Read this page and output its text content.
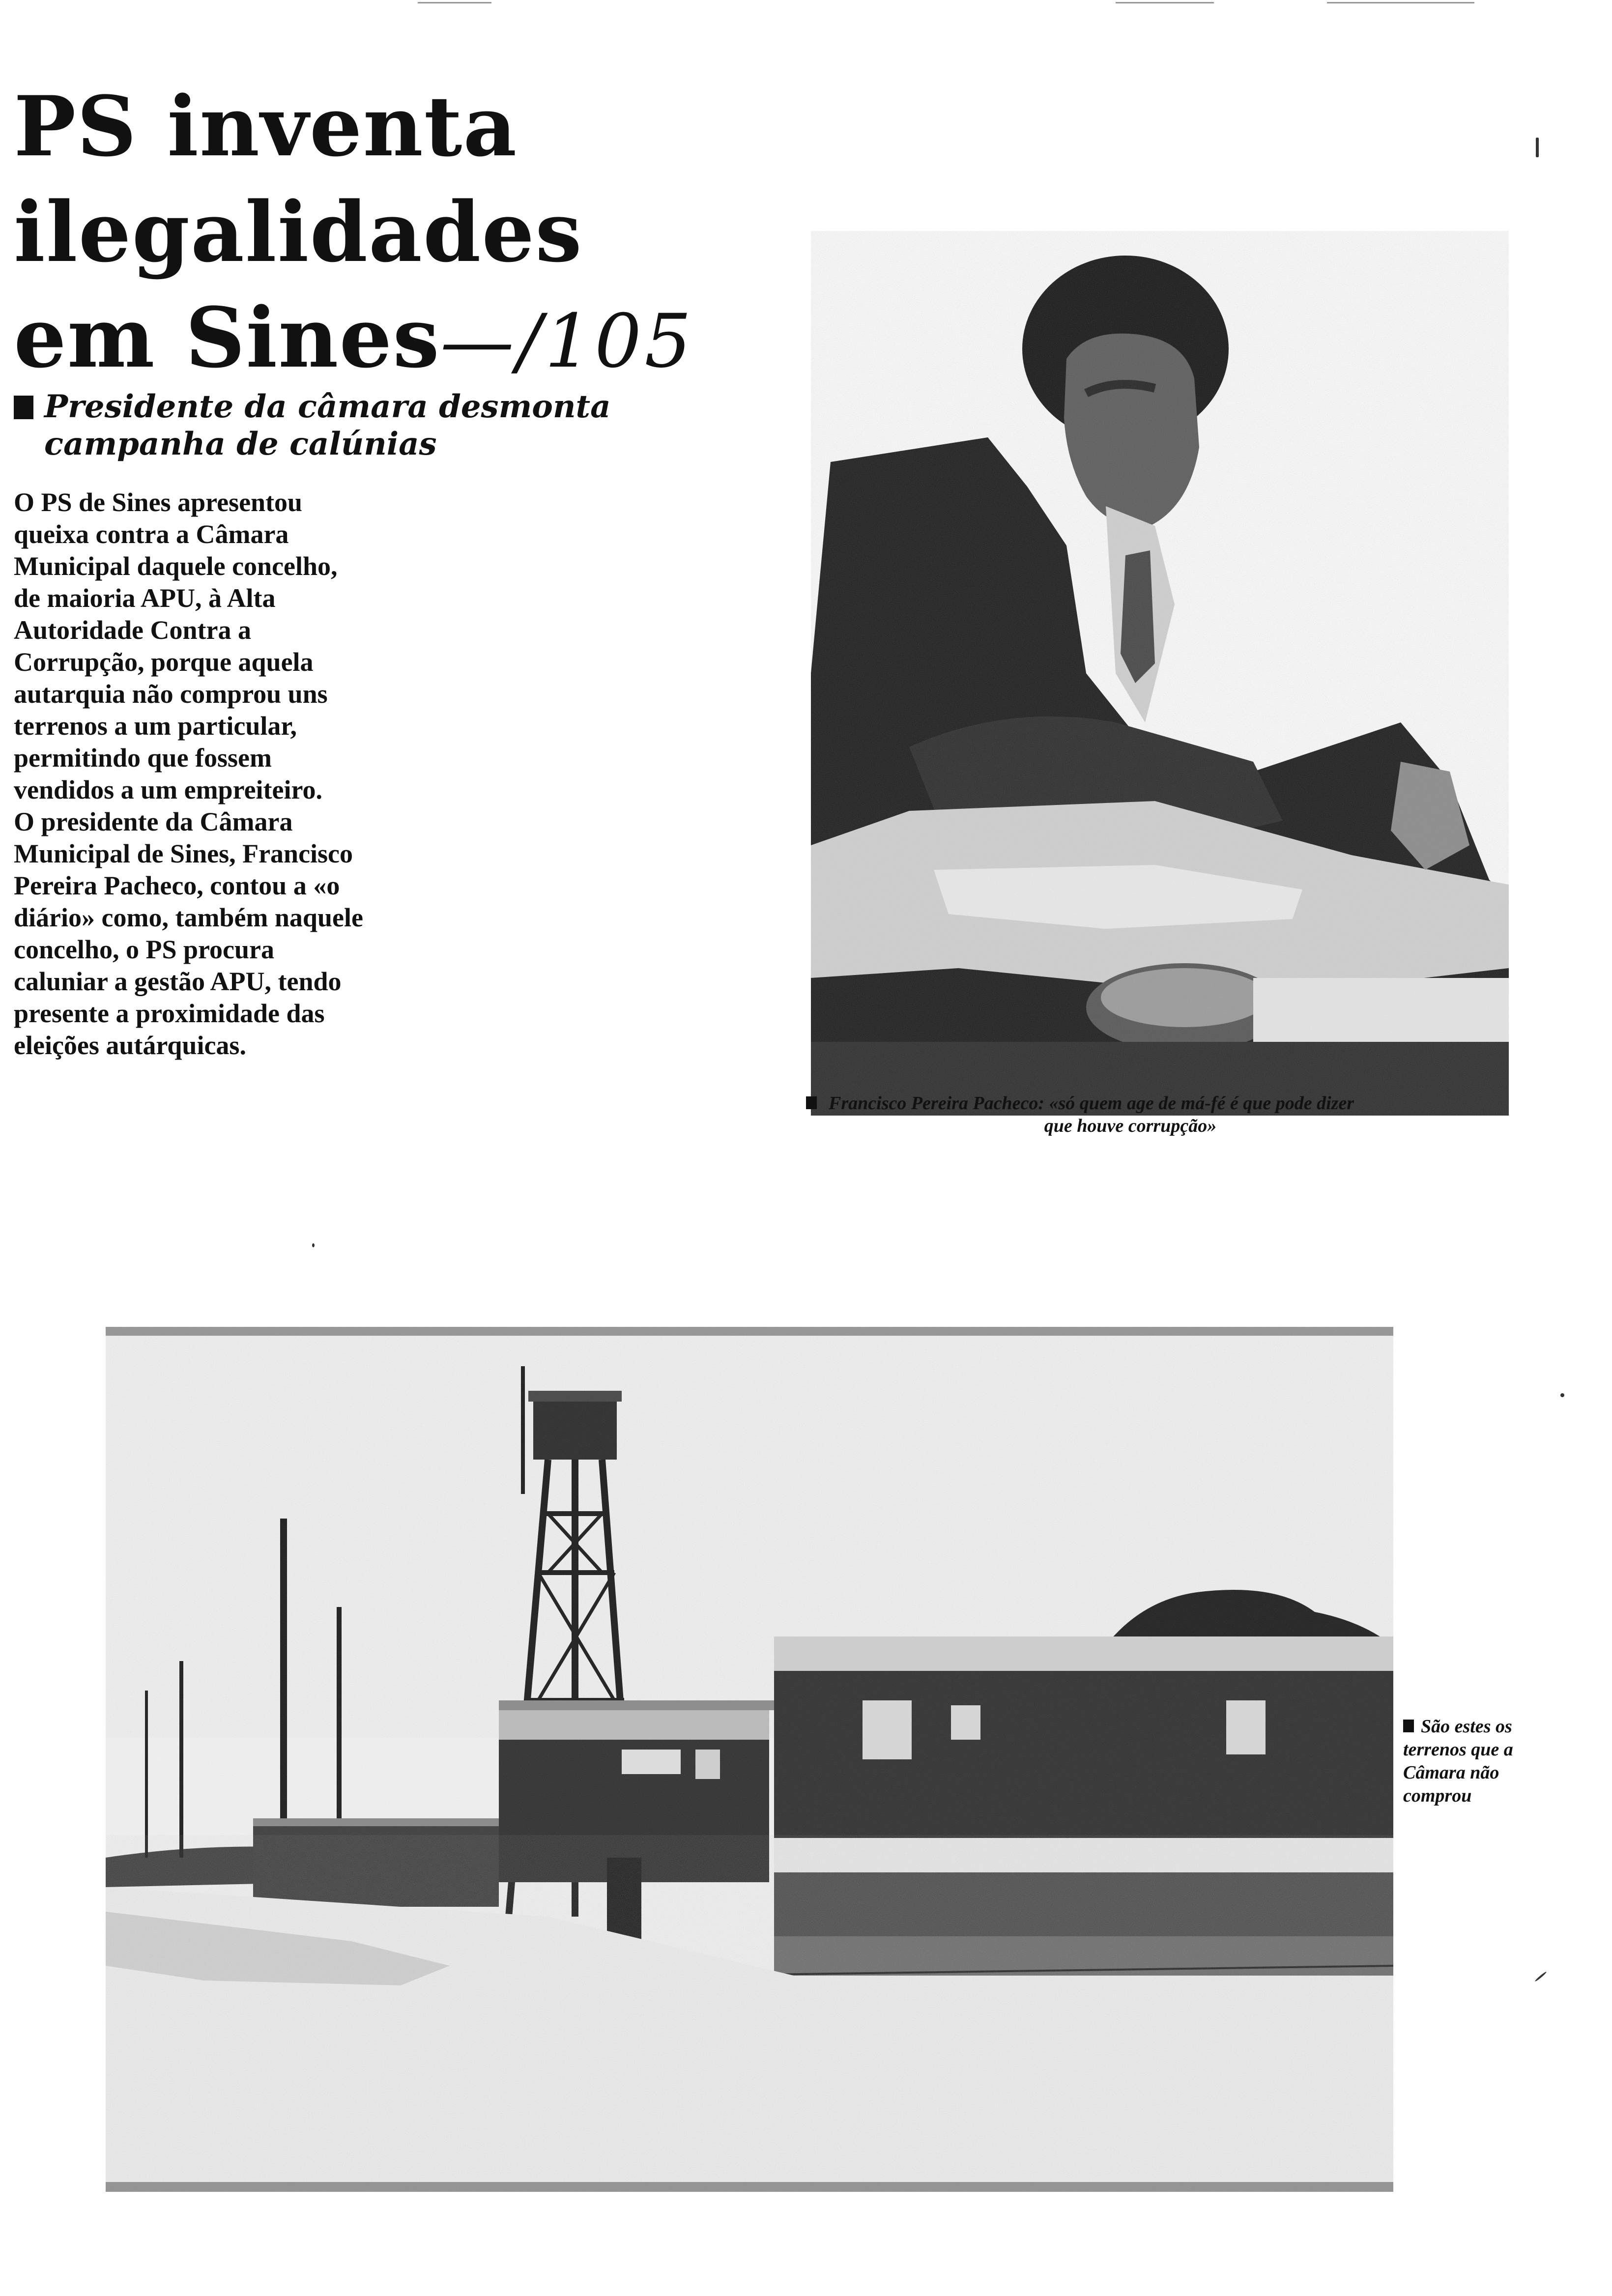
PS inventa
ilegalidades
em Sines—/105
Presidente da câmara desmonta
campanha de calúnias

O PS de Sines apresentou queixa contra a Câmara Municipal daquele concelho, de maioria APU, à Alta Autoridade Contra a Corrupção, porque aquela autarquia não comprou uns terrenos a um particular, permitindo que fossem vendidos a um empreiteiro.

O presidente da Câmara Municipal de Sines, Francisco Pereira Pacheco, contou a «o diário» como, também naquele concelho, o PS procura caluniar a gestão APU, tendo presente a proximidade das eleições autárquicas.

Francisco Pereira Pacheco: «só quem age de má-fé é que pode dizer
que houve corrupção»
São estes os terrenos que a Câmara não comprou
